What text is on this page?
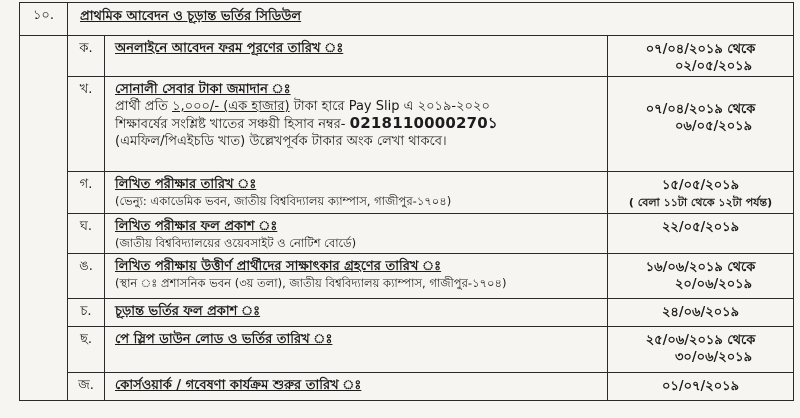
১০.	প্রাথমিক আবেদন ও চূড়ান্ত ভর্তির সিডিউল		
	ক.	অনলাইনে আবেদন ফরম পূরণের তারিখ ঃ	০৭/০৪/২০১৯ থেকে
০২/০৫/২০১৯

	খ.	সোনালী সেবার টাকা জমাদান ঃ
প্রার্থী প্রতি ১,০০০/- (এক হাজার) টাকা হারে Pay Slip এ ২০১৯-২০২০
শিক্ষাবর্ষের সংশ্লিষ্ট খাতের সঞ্চয়ী হিসাব নম্বর- 0218110000270১
(এমফিল/পিএইচডি খাত) উল্লেখপূর্বক টাকার অংক লেখা থাকবে।	০৭/০৪/২০১৯ থেকে
০৬/০৫/২০১৯

	গ.	লিখিত পরীক্ষার তারিখ ঃ
(ভেন্যু: একাডেমিক ভবন, জাতীয় বিশ্ববিদ্যালয় ক্যাম্পাস, গাজীপুর-১৭০৪)	১৫/০৫/২০১৯
( বেলা ১১টা থেকে ১২টা পর্যন্ত)

	ঘ.	লিখিত পরীক্ষার ফল প্রকাশ ঃ
(জাতীয় বিশ্ববিদ্যালয়ের ওয়েবসাইট ও নোটিশ বোর্ডে)	২২/০৫/২০১৯

	ঙ.	লিখিত পরীক্ষায় উত্তীর্ণ প্রার্থীদের সাক্ষাৎকার গ্রহণের তারিখ ঃ
(স্থান ঃ প্রশাসনিক ভবন (৩য় তলা), জাতীয় বিশ্ববিদ্যালয় ক্যাম্পাস, গাজীপুর-১৭০৪)	১৬/০৬/২০১৯ থেকে
২০/০৬/২০১৯

	চ.	চূড়ান্ত ভর্তির ফল প্রকাশ ঃ	২৪/০৬/২০১৯

	ছ.	পে স্লিপ ডাউন লোড ও ভর্তির তারিখ ঃ	২৫/০৬/২০১৯ থেকে
৩০/০৬/২০১৯

	জ.	কোর্সওয়ার্ক / গবেষণা কার্যক্রম শুরুর তারিখ ঃ	০১/০৭/২০১৯
